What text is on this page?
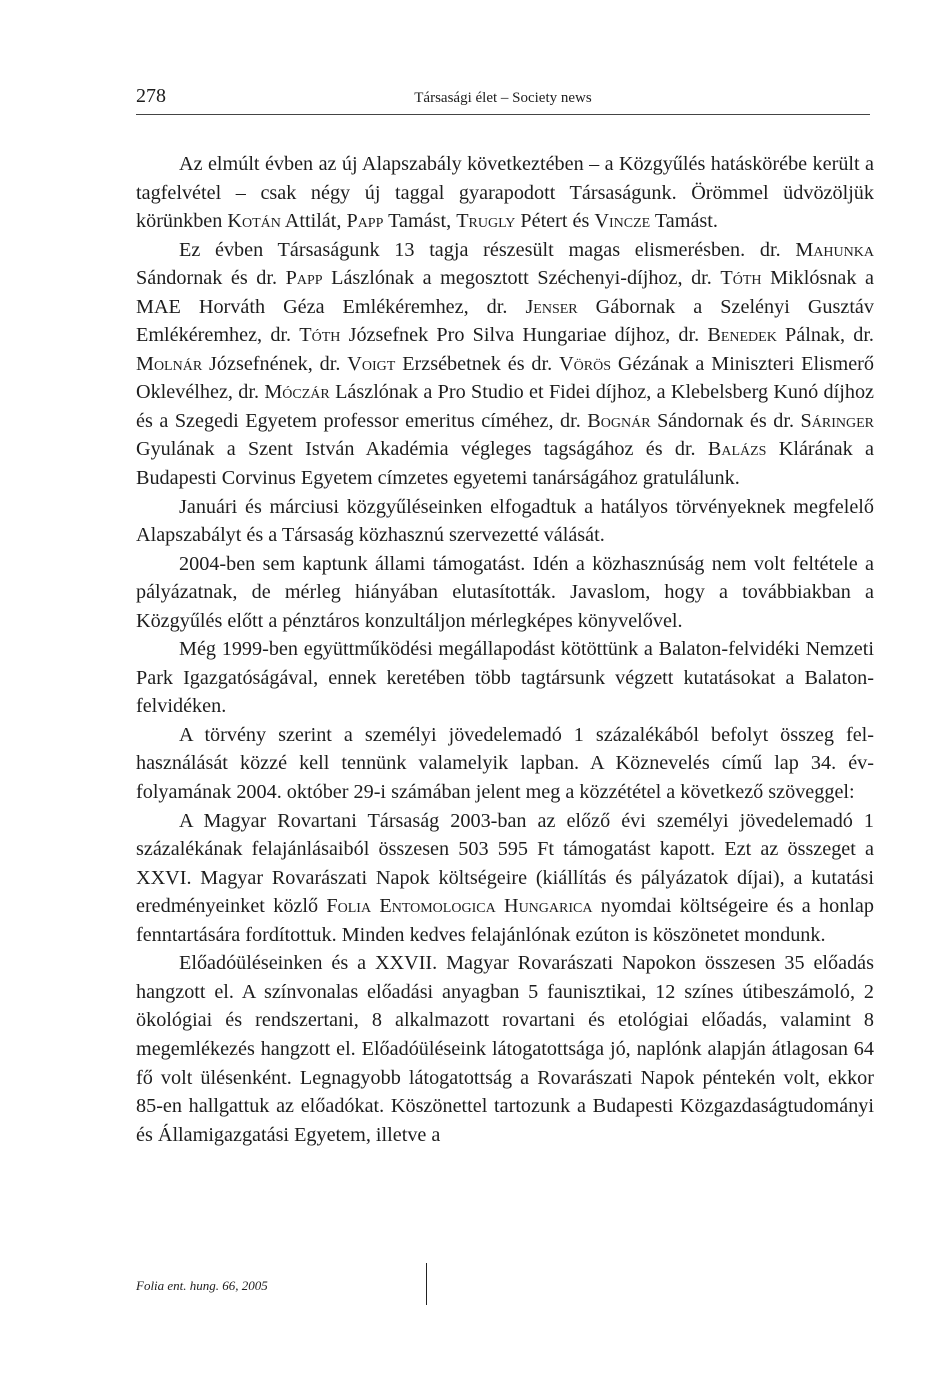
278	Társasági élet – Society news

Az elmúlt évben az új Alapszabály következtében – a Közgyűlés hatáskörébe került a tagfelvétel – csak négy új taggal gyarapodott Társaságunk. Örömmel üdvözöljük körünkben Kotán Attilát, Papp Tamást, Trugly Pétert és Vincze Tamást.

Ez évben Társaságunk 13 tagja részesült magas elismerésben. dr. Mahunka Sándornak és dr. Papp Lászlónak a megosztott Széchenyi-díjhoz, dr. Tóth Miklósnak a MAE Horváth Géza Emlékéremhez, dr. Jenser Gábornak a Szelényi Gusztáv Emlékéremhez, dr. Tóth Józsefnek Pro Silva Hungariae díjhoz, dr. Benedek Pálnak, dr. Molnár Józsefnének, dr. Voigt Erzsébetnek és dr. Vörös Gézának a Miniszteri Elismerő Oklevélhez, dr. Móczár Lászlónak a Pro Studio et Fidei díjhoz, a Klebelsberg Kunó díjhoz és a Szegedi Egyetem professor emeritus címéhez, dr. Bognár Sándornak és dr. Sáringer Gyulának a Szent István Akadémia végleges tagságához és dr. Balázs Klárának a Budapesti Corvinus Egyetem címzetes egyetemi tanárságához gratulálunk.

Januári és márciusi közgyűléseinken elfogadtuk a hatályos törvényeknek megfelelő Alapszabályt és a Társaság közhasznú szervezetté válását.

2004-ben sem kaptunk állami támogatást. Idén a közhasznúság nem volt feltétele a pályázatnak, de mérleg hiányában elutasították. Javaslom, hogy a továbbiakban a Közgyűlés előtt a pénztáros konzultáljon mérlegképes könyvelővel.

Még 1999-ben együttműködési megállapodást kötöttünk a Balaton-felvidéki Nemzeti Park Igazgatóságával, ennek keretében több tagtársunk végzett kutatásokat a Balaton-felvidéken.

A törvény szerint a személyi jövedelemadó 1 százalékából befolyt összeg felhasználását közzé kell tennünk valamelyik lapban. A Köznevelés című lap 34. évfolyamának 2004. október 29-i számában jelent meg a közzététel a következő szöveggel:

A Magyar Rovartani Társaság 2003-ban az előző évi személyi jövedelemadó 1 százalékának felajánlásaiból összesen 503 595 Ft támogatást kapott. Ezt az összeget a XXVI. Magyar Rovarászati Napok költségeire (kiállítás és pályázatok díjai), a kutatási eredményeinket közlő Folia Entomologica Hungarica nyomdai költségeire és a honlap fenntartására fordítottuk. Minden kedves felajánlónak ezúton is köszönetet mondunk.

Előadóüléseinken és a XXVII. Magyar Rovarászati Napokon összesen 35 előadás hangzott el. A színvonalas előadási anyagban 5 faunisztikai, 12 színes útibeszámoló, 2 ökológiai és rendszertani, 8 alkalmazott rovartani és etológiai előadás, valamint 8 megemlékezés hangzott el. Előadóüléseink látogatottsága jó, naplónk alapján átlagosan 64 fő volt ülésenként. Legnagyobb látogatottság a Rovarászati Napok péntekén volt, ekkor 85-en hallgattuk az előadókat. Köszönettel tartozunk a Budapesti Közgazdaságtudományi és Államigazgatási Egyetem, illetve a

Folia ent. hung. 66, 2005
